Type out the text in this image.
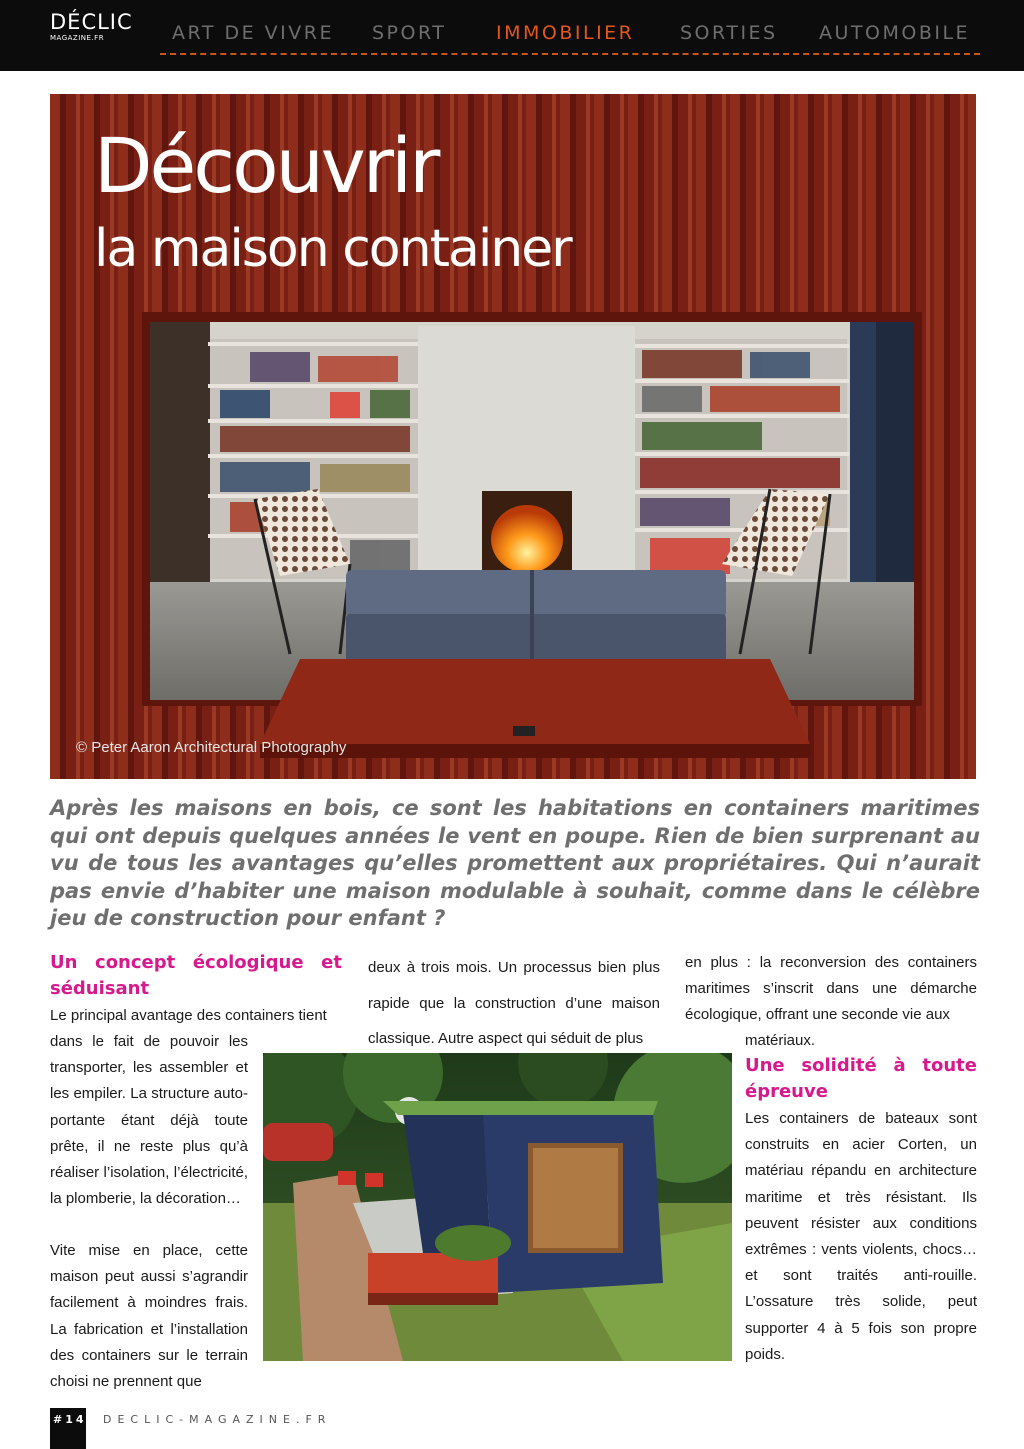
DÉCLIC
MAGAZINE.FR	ART DE VIVRE SPORT	IMMOBILIER SORTIES AUTOMOBILE
Découvrir
la maison container
© Peter Aaron Architectural Photography

Après les maisons en bois, ce sont les habitations en containers maritimes qui ont depuis quelques années le vent en poupe. Rien de bien surprenant au vu de tous les avantages qu’elles promettent aux propriétaires. Qui n’aurait pas envie d’habiter une maison modulable à souhait, comme dans le célèbre jeu de construction pour enfant ?

Un concept écologique et séduisant

Le principal avantage des containers tient

dans le fait de pouvoir les transporter, les assembler et les empiler. La structure auto-portante étant déjà toute prête, il ne reste plus qu’à réaliser l’isolation, l’électricité, la plomberie, la décoration…

Vite mise en place, cette maison peut aussi s’agrandir facilement à moindres frais. La fabrication et l’installation des containers sur le terrain choisi ne prennent que

deux à trois mois. Un processus bien plus rapide que la construction d’une maison classique. Autre aspect qui séduit de plus

en plus : la reconversion des containers maritimes s’inscrit dans une démarche écologique, offrant une seconde vie aux

matériaux.

Une solidité à toute épreuve

Les containers de bateaux sont construits en acier Corten, un matériau répandu en architecture maritime et très résistant. Ils peuvent résister aux conditions extrêmes : vents violents, chocs… et sont traités anti-rouille. L’ossature très solide, peut supporter 4 à 5 fois son propre poids.

#14 DECLIC-MAGAZINE.FR
